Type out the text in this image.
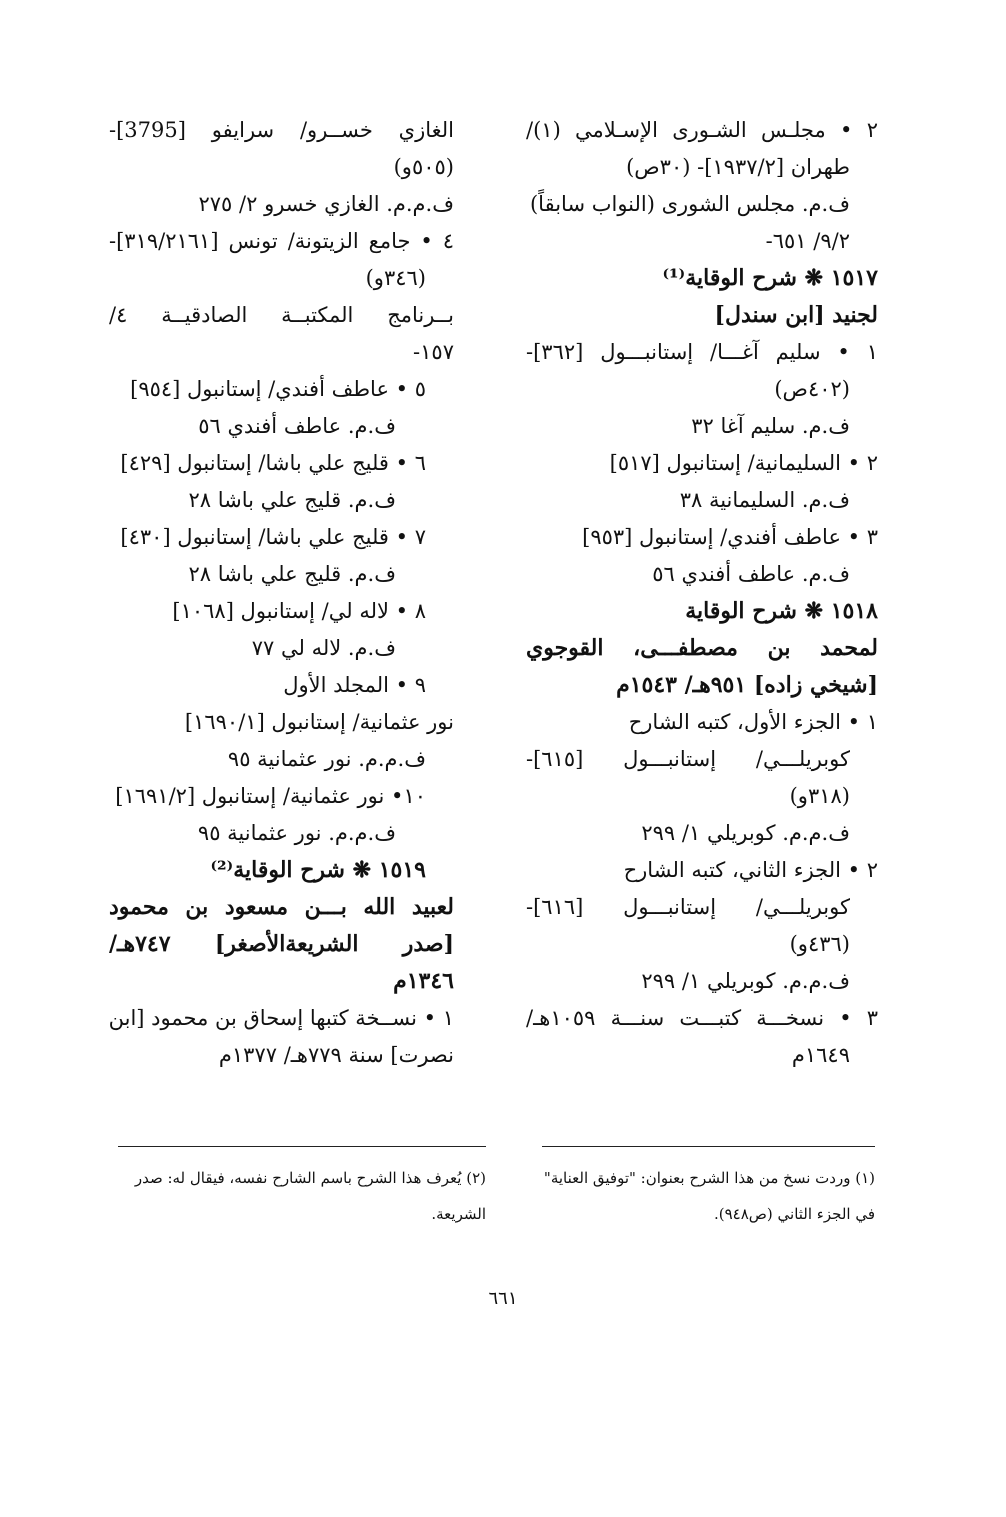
٢ • مجلـس الشـورى الإسـلامي (١)/
طهران [١٩٣٧/٢]- (٣٠ص)
ف.م. مجلس الشورى (النواب سابقاً)
٩/٢/ ٦٥١-
١٥١٧ ❋ شرح الوقاية⁽¹⁾
لجنيد [ابن سندل]
١ • سليم آغـــا/ إستانبـــول [٣٦٢]-
(٤٠٢ص)
ف.م. سليم آغا ٣٢
٢ • السليمانية/ إستانبول [٥١٧]
ف.م. السليمانية ٣٨
٣ • عاطف أفندي/ إستانبول [٩٥٣]
ف.م. عاطف أفندي ٥٦
١٥١٨ ❋ شرح الوقاية
لمحمد بن مصطفـــى، القوجوي
[شيخي زاده] ٩٥١هـ/ ١٥٤٣م
١ • الجزء الأول، كتبه الشارح
كوبريلـــي/ إستانبـــول [٦١٥]-
(٣١٨و)
ف.م.م. كوبريلي ١/ ٢٩٩
٢ • الجزء الثاني، كتبه الشارح
كوبريلـــي/ إستانبـــول [٦١٦]-
(٤٣٦و)
ف.م.م. كوبريلي ١/ ٢٩٩
٣ • نسخـــة كتبـــت سنـــة ١٠٥٩هـ/
١٦٤٩م
الغازي خســرو/ سرايفو [3795]-
(٥٠٥و)
ف.م.م. الغازي خسرو ٢/ ٢٧٥
٤ • جامع الزيتونة/ تونس [٣١٩/٢١٦١]-
(٣٤٦و)
بــرنامج المكتبــة الصادقيــة ٤/
١٥٧-
٥ • عاطف أفندي/ إستانبول [٩٥٤]
ف.م. عاطف أفندي ٥٦
٦ • قليج علي باشا/ إستانبول [٤٢٩]
ف.م. قليج علي باشا ٢٨
٧ • قليج علي باشا/ إستانبول [٤٣٠]
ف.م. قليج علي باشا ٢٨
٨ • لاله لي/ إستانبول [١٠٦٨]
ف.م. لاله لي ٧٧
٩ • المجلد الأول
نور عثمانية/ إستانبول [١٦٩٠/١]
ف.م.م. نور عثمانية ٩٥
١٠• نور عثمانية/ إستانبول [١٦٩١/٢]
ف.م.م. نور عثمانية ٩٥
١٥١٩ ❋ شرح الوقاية⁽²⁾
لعبيد الله بـــن مسعود بن محمود
[صدر الشريعةالأصغر] ٧٤٧هـ/
١٣٤٦م
١ • نســخة كتبها إسحاق بن محمود [ابن
نصرت] سنة ٧٧٩هـ/ ١٣٧٧م
(١) وردت نسخ من هذا الشرح بعنوان: "توفيق العناية" في الجزء الثاني (ص٩٤٨).
(٢) يُعرف هذا الشرح باسم الشارح نفسه، فيقال له: صدر الشريعة.
٦٦١
